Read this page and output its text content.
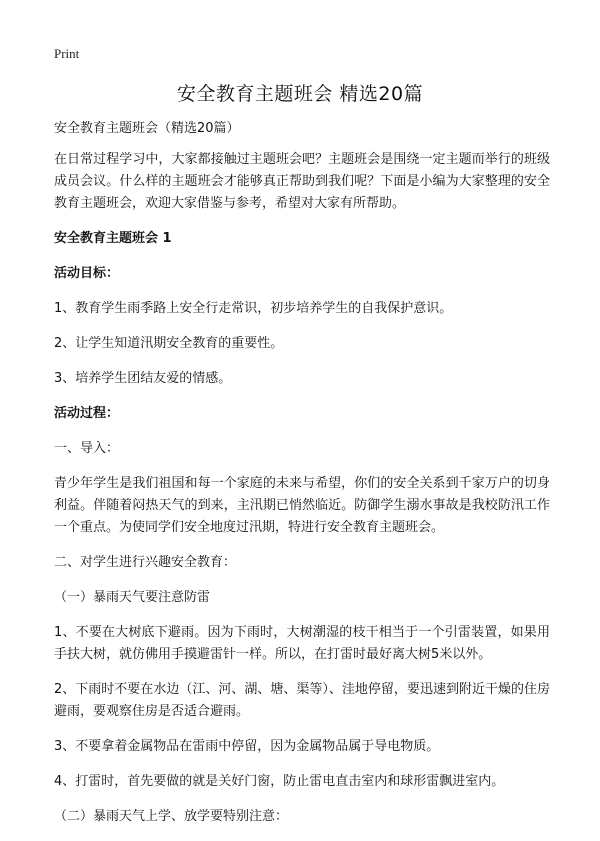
Print
安全教育主题班会 精选20篇

安全教育主题班会（精选20篇）

在日常过程学习中，大家都接触过主题班会吧？主题班会是围绕一定主题而举行的班级成员会议。什么样的主题班会才能够真正帮助到我们呢？下面是小编为大家整理的安全教育主题班会，欢迎大家借鉴与参考，希望对大家有所帮助。

安全教育主题班会 1

活动目标：

1、教育学生雨季路上安全行走常识，初步培养学生的自我保护意识。

2、让学生知道汛期安全教育的重要性。

3、培养学生团结友爱的情感。

活动过程：

一、导入：

青少年学生是我们祖国和每一个家庭的未来与希望，你们的安全关系到千家万户的切身利益。伴随着闷热天气的到来，主汛期已悄然临近。防御学生溺水事故是我校防汛工作一个重点。为使同学们安全地度过汛期，特进行安全教育主题班会。

二、对学生进行兴趣安全教育：

（一）暴雨天气要注意防雷

1、不要在大树底下避雨。因为下雨时，大树潮湿的枝干相当于一个引雷装置，如果用手扶大树，就仿佛用手摸避雷针一样。所以，在打雷时最好离大树5米以外。

2、下雨时不要在水边（江、河、湖、塘、渠等）、洼地停留，要迅速到附近干燥的住房避雨，要观察住房是否适合避雨。

3、不要拿着金属物品在雷雨中停留，因为金属物品属于导电物质。

4、打雷时，首先要做的就是关好门窗，防止雷电直击室内和球形雷飘进室内。

（二）暴雨天气上学、放学要特别注意：
